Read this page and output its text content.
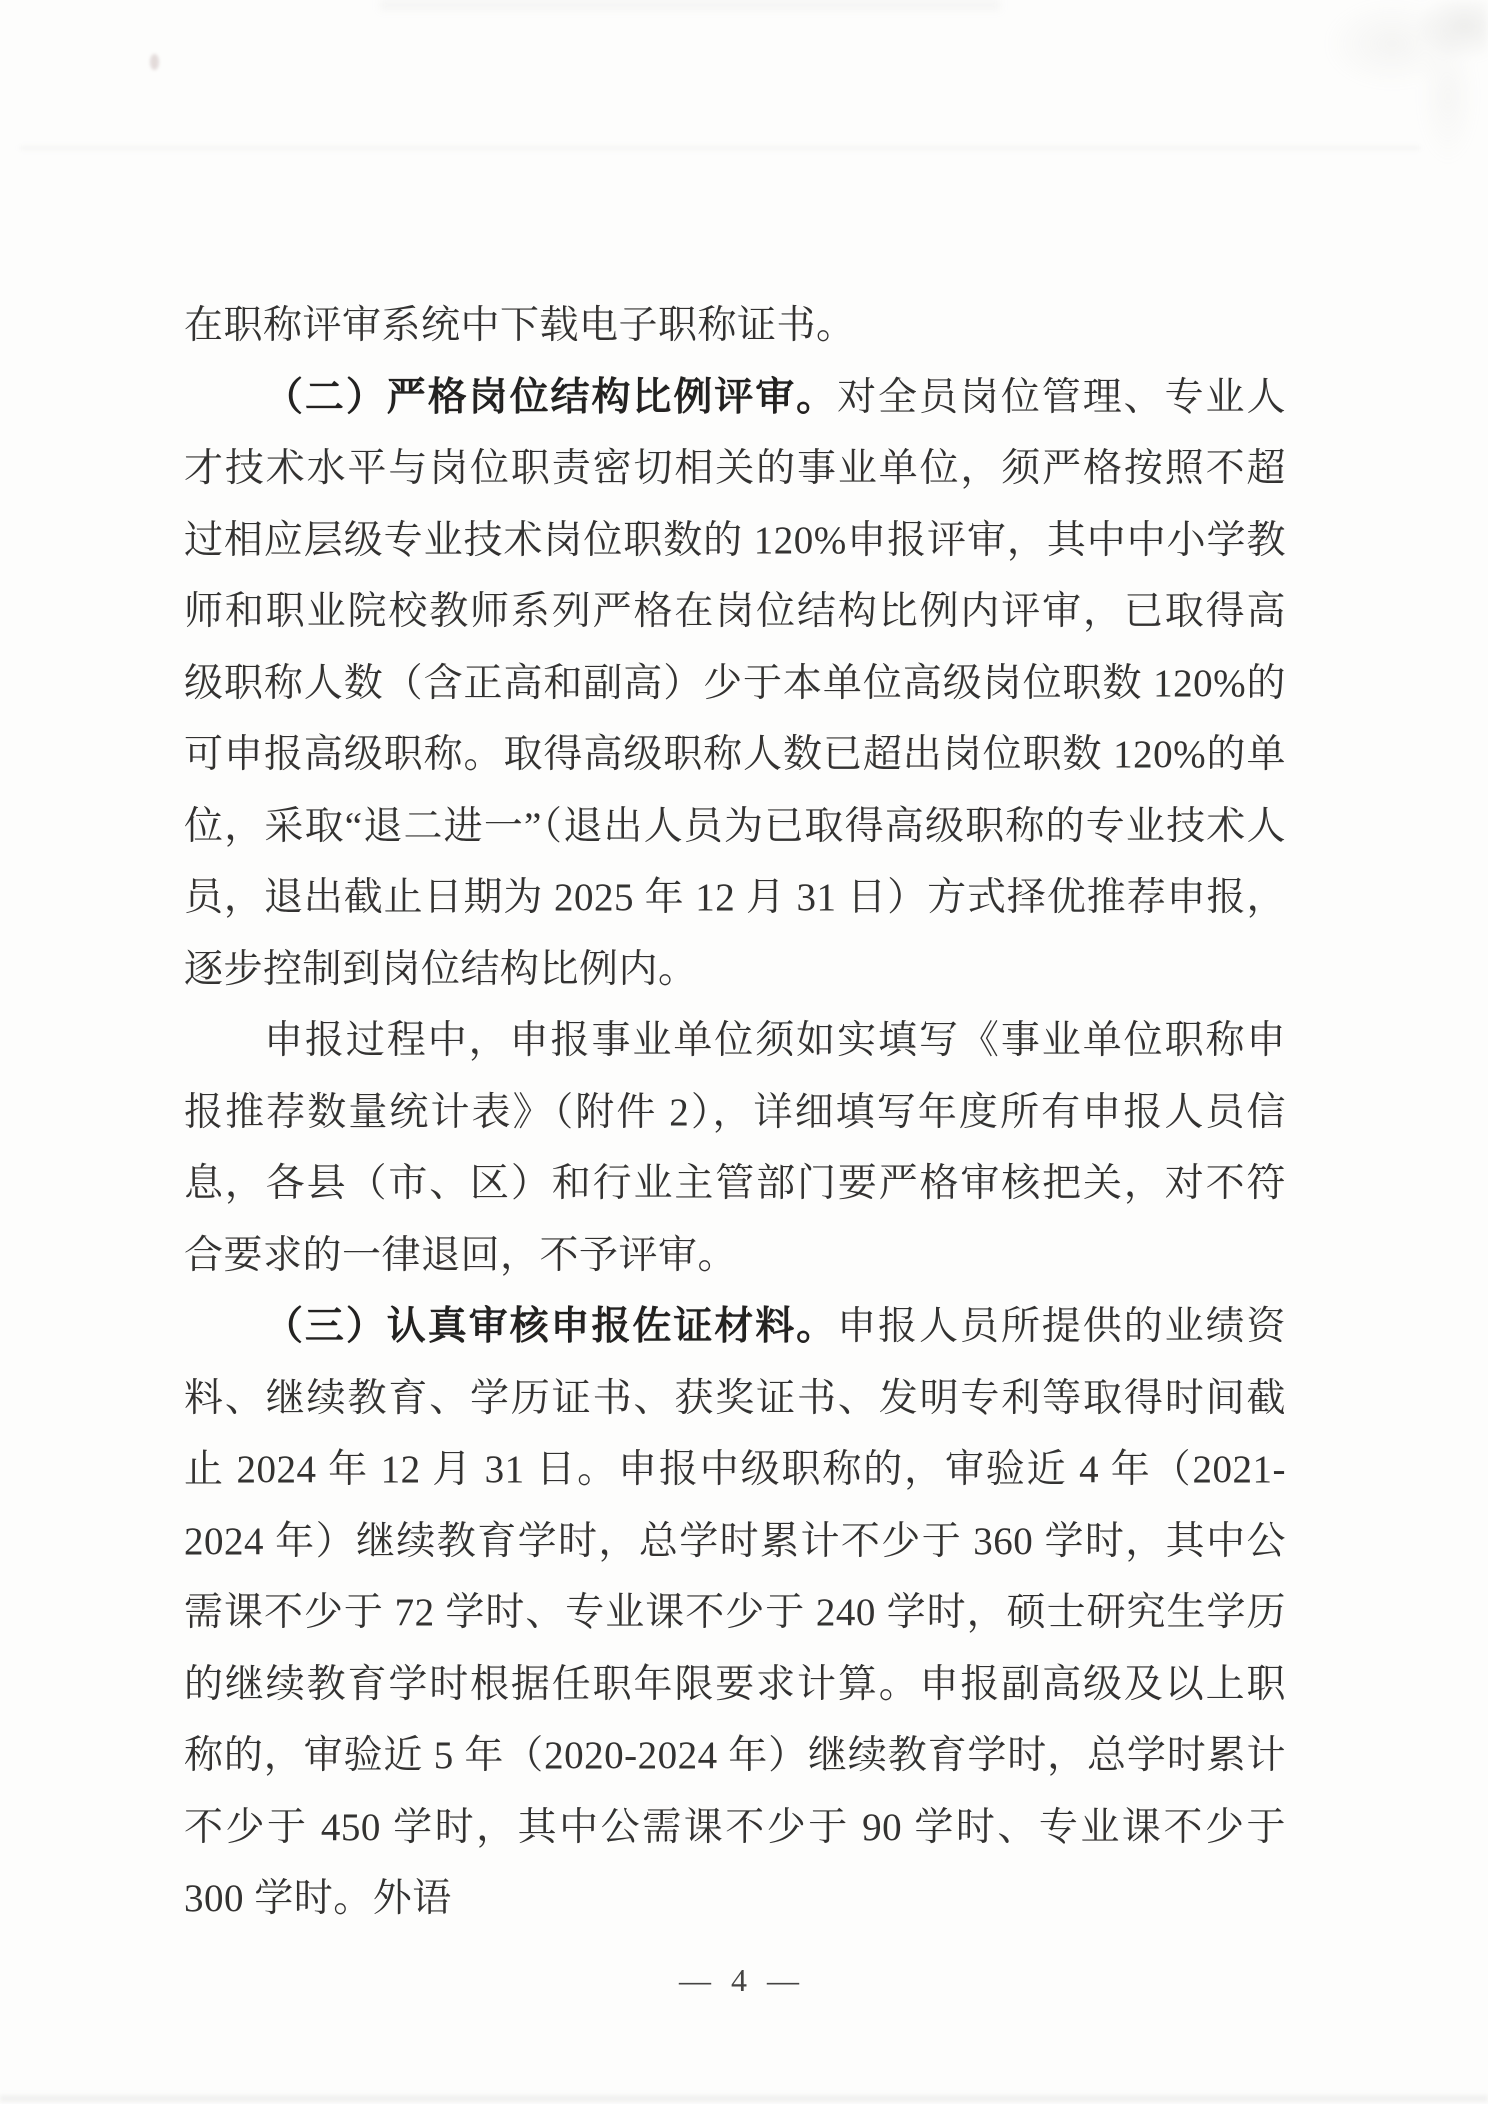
在职称评审系统中下载电子职称证书。

（二）严格岗位结构比例评审。对全员岗位管理、专业人才技术水平与岗位职责密切相关的事业单位，须严格按照不超过相应层级专业技术岗位职数的 120%申报评审，其中中小学教师和职业院校教师系列严格在岗位结构比例内评审，已取得高级职称人数（含正高和副高）少于本单位高级岗位职数 120%的可申报高级职称。取得高级职称人数已超出岗位职数 120%的单位，采取“退二进一”（退出人员为已取得高级职称的专业技术人员，退出截止日期为 2025 年 12 月 31 日）方式择优推荐申报，逐步控制到岗位结构比例内。

申报过程中，申报事业单位须如实填写《事业单位职称申报推荐数量统计表》（附件 2），详细填写年度所有申报人员信息，各县（市、区）和行业主管部门要严格审核把关，对不符合要求的一律退回，不予评审。

（三）认真审核申报佐证材料。申报人员所提供的业绩资料、继续教育、学历证书、获奖证书、发明专利等取得时间截止 2024 年 12 月 31 日。申报中级职称的，审验近 4 年（2021-2024 年）继续教育学时，总学时累计不少于 360 学时，其中公需课不少于 72 学时、专业课不少于 240 学时，硕士研究生学历的继续教育学时根据任职年限要求计算。申报副高级及以上职称的，审验近 5 年（2020-2024 年）继续教育学时，总学时累计不少于 450 学时，其中公需课不少于 90 学时、专业课不少于 300 学时。外语

— 4 —
